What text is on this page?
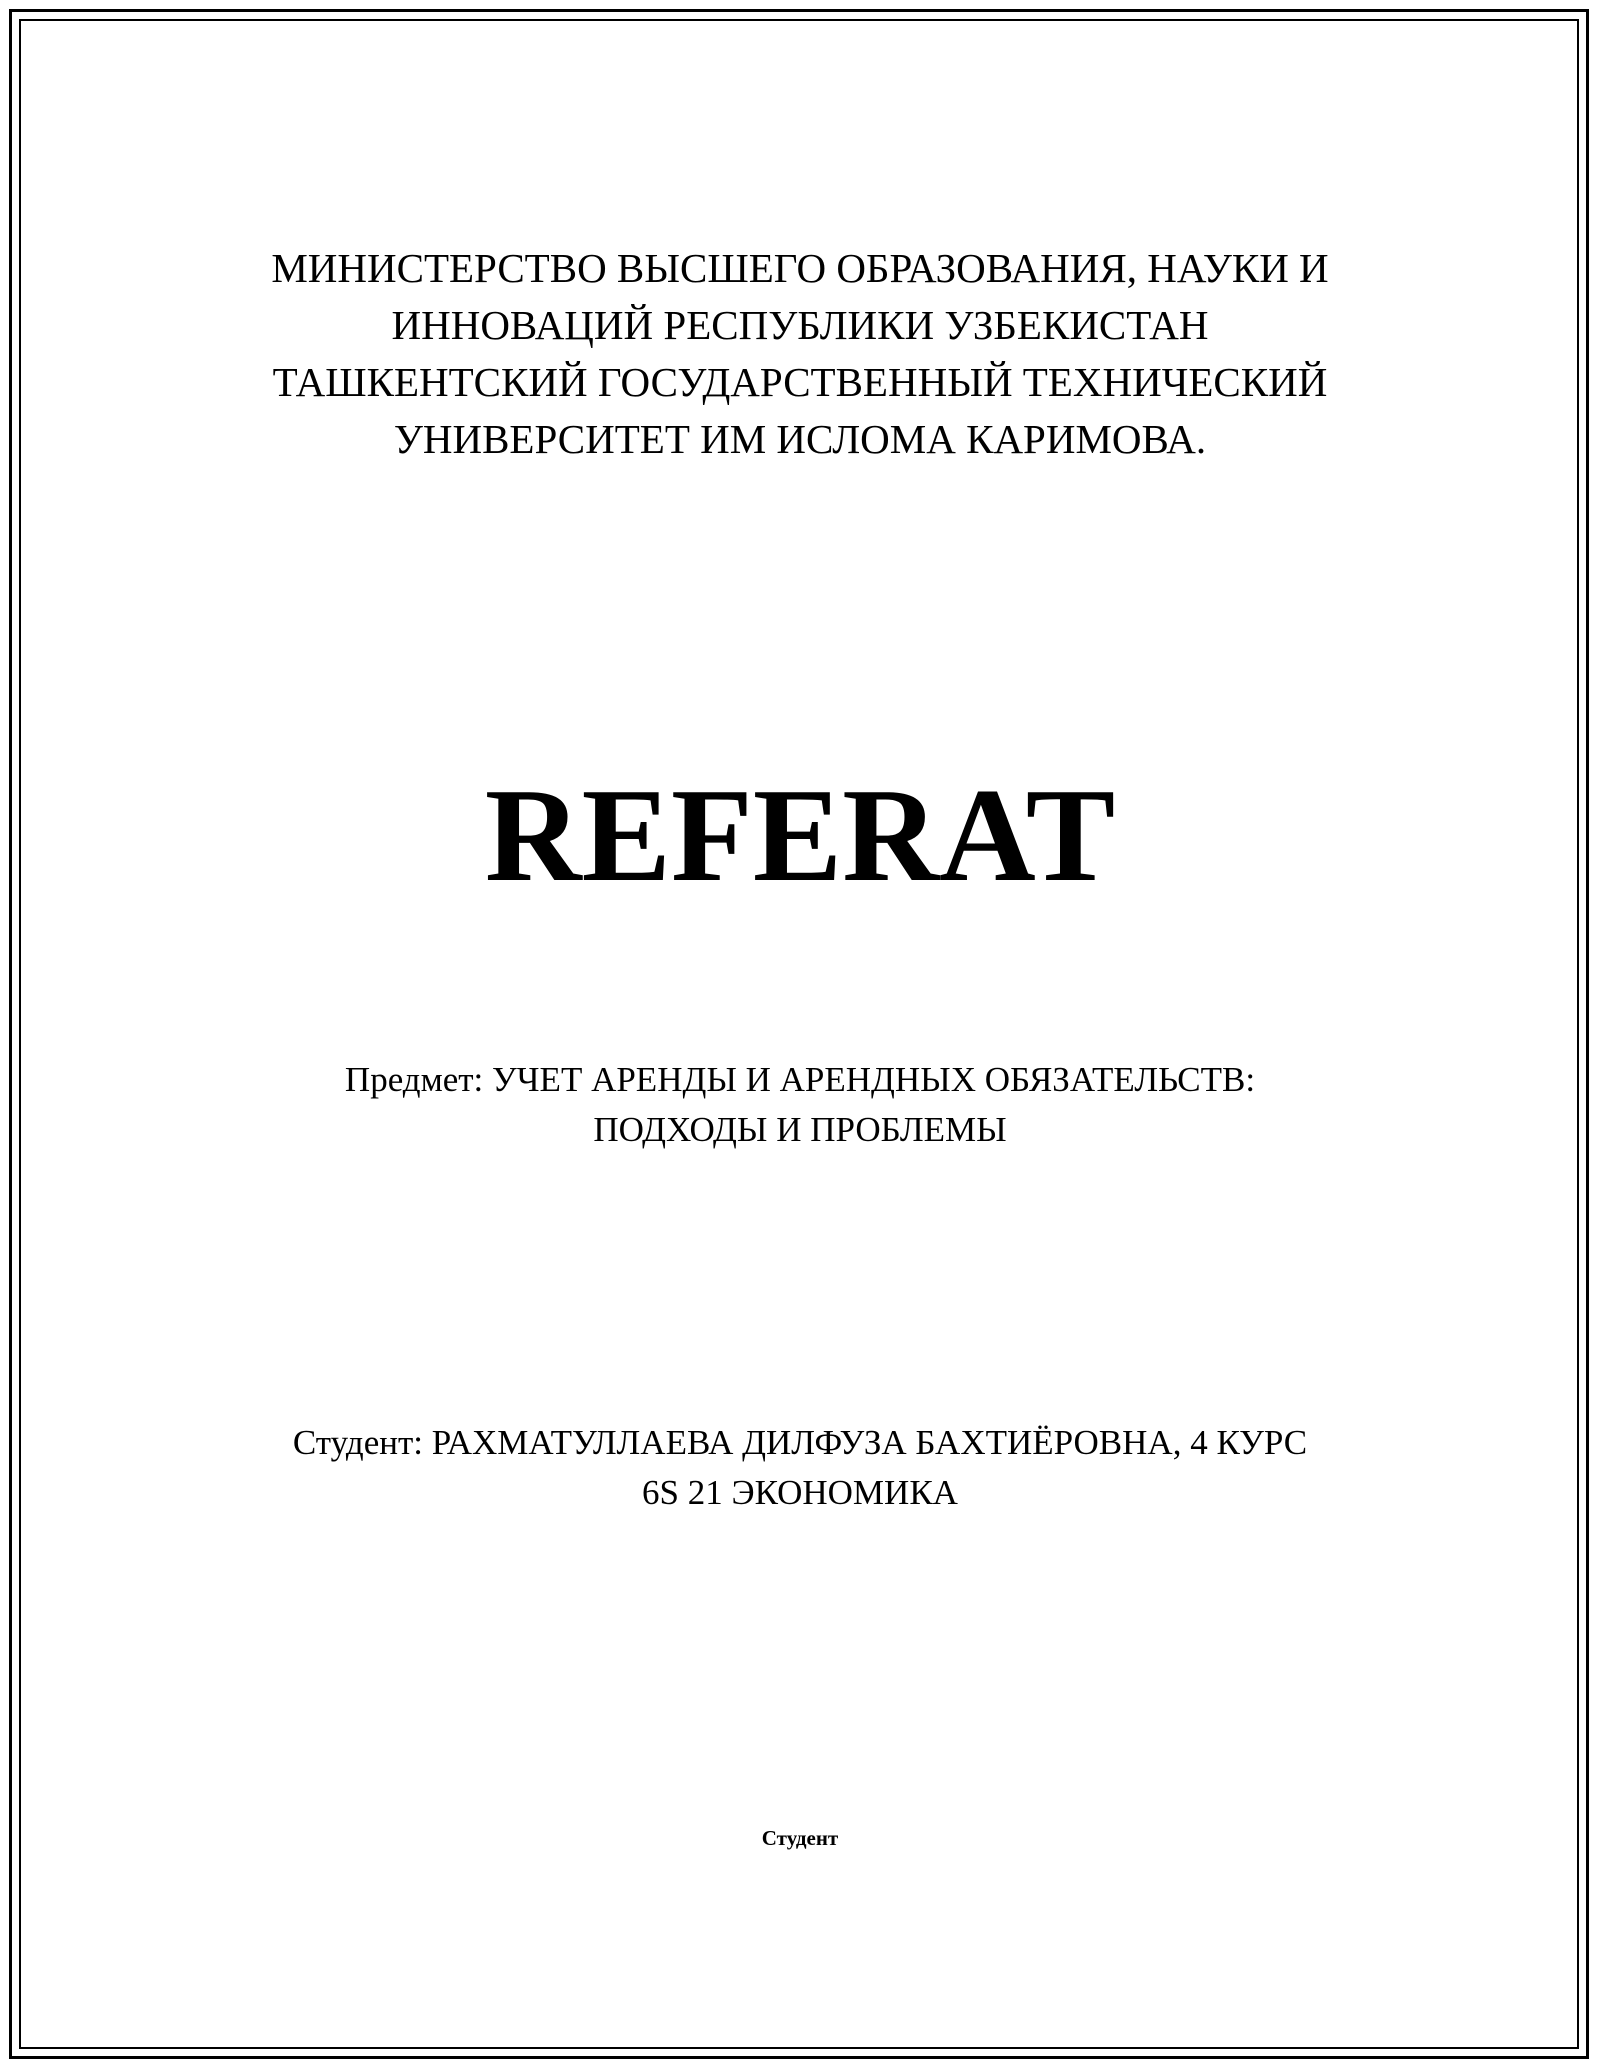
МИНИСТЕРСТВО ВЫСШЕГО ОБРАЗОВАНИЯ, НАУКИ И
ИННОВАЦИЙ РЕСПУБЛИКИ УЗБЕКИСТАН
ТАШКЕНТСКИЙ ГОСУДАРСТВЕННЫЙ ТЕХНИЧЕСКИЙ
УНИВЕРСИТЕТ ИМ ИСЛОМА КАРИМОВА.
REFERAT
Предмет: УЧЕТ АРЕНДЫ И АРЕНДНЫХ ОБЯЗАТЕЛЬСТВ:
ПОДХОДЫ И ПРОБЛЕМЫ
Студент: РАХМАТУЛЛАЕВА ДИЛФУЗА БАХТИЁРОВНА, 4 КУРС
6S 21 ЭКОНОМИКА
Студент
